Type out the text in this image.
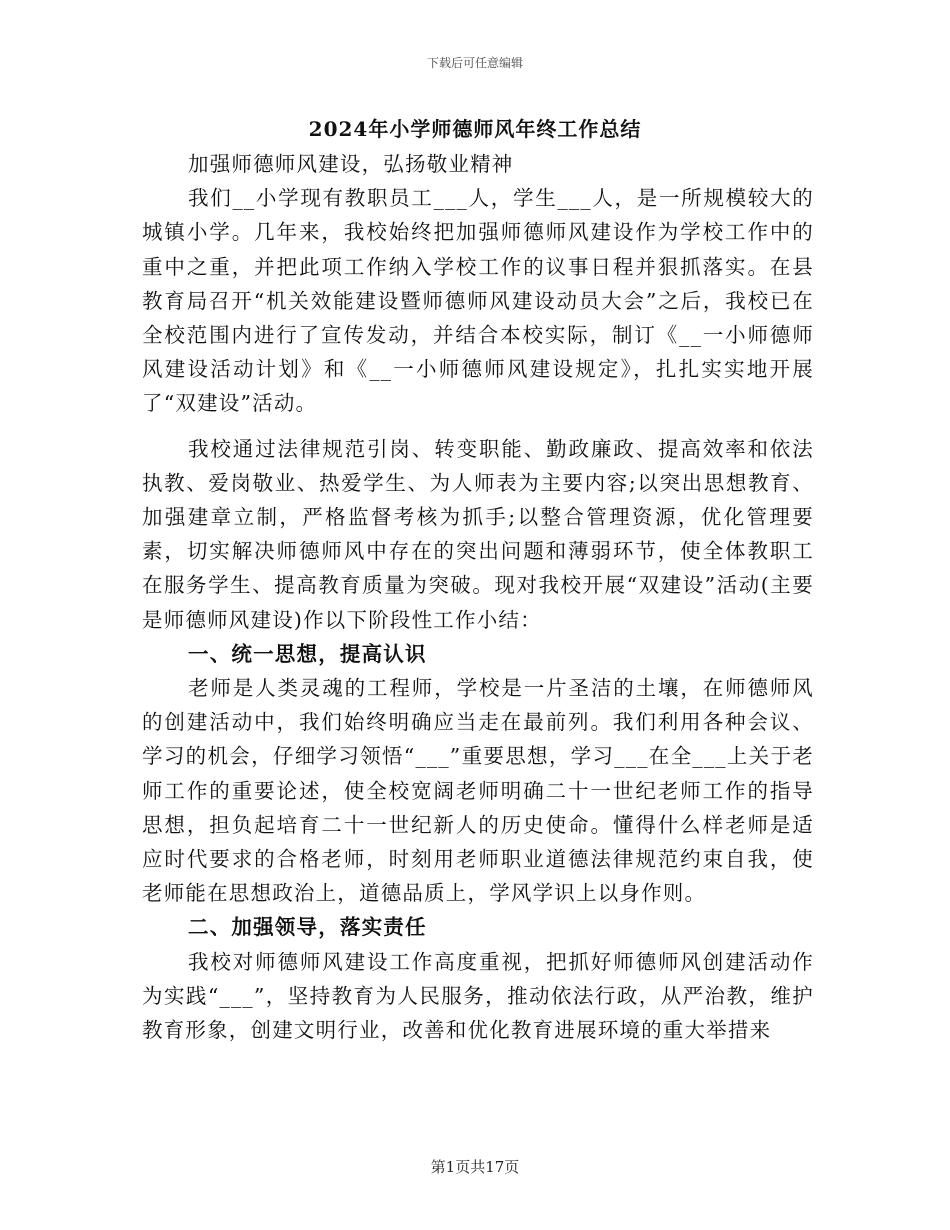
下载后可任意编辑
2024年小学师德师风年终工作总结

加强师德师风建设，弘扬敬业精神

我们__小学现有教职员工___人，学生___人，是一所规模较大的城镇小学。几年来，我校始终把加强师德师风建设作为学校工作中的重中之重，并把此项工作纳入学校工作的议事日程并狠抓落实。在县教育局召开“机关效能建设暨师德师风建设动员大会”之后，我校已在全校范围内进行了宣传发动，并结合本校实际，制订《__一小师德师风建设活动计划》和《__一小师德师风建设规定》，扎扎实实地开展了“双建设”活动。

我校通过法律规范引岗、转变职能、勤政廉政、提高效率和依法执教、爱岗敬业、热爱学生、为人师表为主要内容;以突出思想教育、加强建章立制，严格监督考核为抓手;以整合管理资源，优化管理要素，切实解决师德师风中存在的突出问题和薄弱环节，使全体教职工在服务学生、提高教育质量为突破。现对我校开展“双建设”活动(主要是师德师风建设)作以下阶段性工作小结：

一、统一思想，提高认识

老师是人类灵魂的工程师，学校是一片圣洁的土壤，在师德师风的创建活动中，我们始终明确应当走在最前列。我们利用各种会议、学习的机会，仔细学习领悟“___”重要思想，学习___在全___上关于老师工作的重要论述，使全校宽阔老师明确二十一世纪老师工作的指导思想，担负起培育二十一世纪新人的历史使命。懂得什么样老师是适应时代要求的合格老师，时刻用老师职业道德法律规范约束自我，使老师能在思想政治上，道德品质上，学风学识上以身作则。

二、加强领导，落实责任

我校对师德师风建设工作高度重视，把抓好师德师风创建活动作为实践“___”，坚持教育为人民服务，推动依法行政，从严治教，维护教育形象，创建文明行业，改善和优化教育进展环境的重大举措来

第1页共17页
